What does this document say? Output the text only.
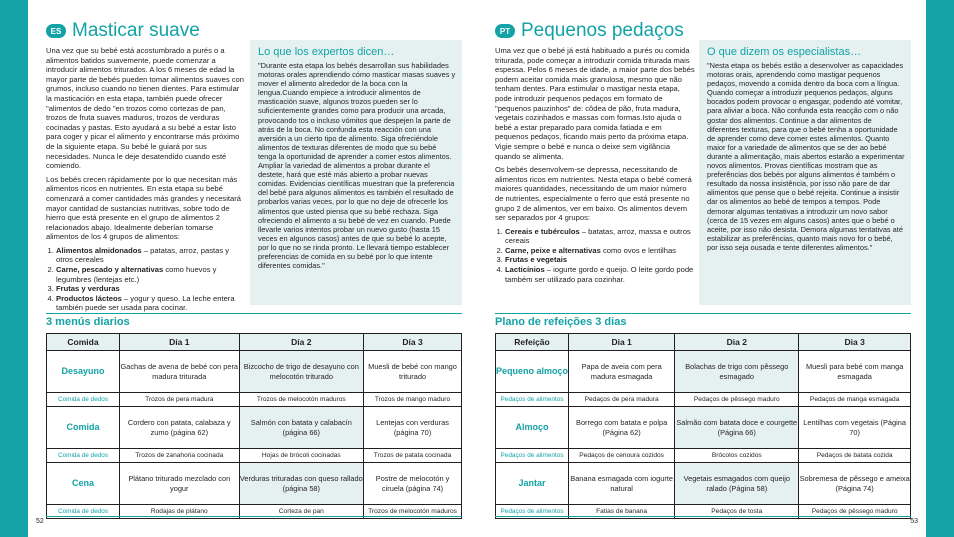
ES Masticar suave

Una vez que su bebé está acostumbrado a purés o a alimentos batidos suavemente, puede comenzar a introducir alimentos triturados. A los 6 meses de edad la mayor parte de bebés pueden tomar alimentos suaves con grumos, incluso cuando no tienen dientes. Para estimular la masticación en esta etapa, también puede ofrecer "alimentos de dedo "en trozos como cortezas de pan, trozos de fruta suaves maduros, trozos de verduras cocinadas y pastas. Esto ayudará a su bebé a estar listo para coger y picar el alimento y encontrarse más próximo de la siguiente etapa. Su bebé le guiará por sus necesidades. Nunca le deje desatendido cuando esté comiendo.

Los bebés crecen rápidamente por lo que necesitan más alimentos ricos en nutrientes. En esta etapa su bebé comenzará a comer cantidades más grandes y necesitará mayor cantidad de sustancias nutritivas, sobre todo de hierro que está presente en el grupo de alimentos 2 relacionados abajo. Idealmente deberían tomarse alimentos de los 4 grupos de alimentos:

1. Alimentos almidonados – patatas, arroz, pastas y otros cereales
2. Carne, pescado y alternativas como huevos y legumbres (lentejas etc.)
3. Frutas y verduras
4. Productos lácteos – yogur y queso. La leche entera también puede ser usada para cocinar.
Lo que los expertos dicen…

"Durante esta etapa los bebés desarrollan sus habilidades motoras orales aprendiendo cómo masticar masas suaves y mover el alimento alrededor de la boca con la lengua.Cuando empiece a introducir alimentos de masticación suave, algunos trozos pueden ser lo suficientemente grandes como para producir una arcada, provocando tos o incluso vómitos que despejen la parte de atrás de la boca. No confunda esta reacción con una aversión a un cierto tipo de alimento. Siga ofreciéndole alimentos de texturas diferentes de modo que su bebé tenga la oportunidad de aprender a comer estos alimentos. Ampliar la variedad de alimentos a probar durante el destete, hará que esté más abierto a probar nuevas comidas. Evidencias científicas muestran que la preferencia del bebé para algunos alimentos es también el resultado de probarlos varias veces, por lo que no deje de ofrecerle los alimentos que usted piensa que su bebé rechaza. Siga ofreciendo el alimento a su bebé de vez en cuando. Puede llevarle varios intentos probar un nuevo gusto (hasta 15 veces en algunos casos) antes de que su bebé lo acepte, por lo que no se rinda pronto. Le llevará tiempo establecer preferencias de comida en su bebé por lo que intente diferentes comidas."

3 menús diarios
Comida	Día 1	Día 2	Día 3
Desayuno	Gachas de avena de bebé con pera madura triturada	Bizcocho de trigo de desayuno con melocotón triturado	Muesli de bebé con mango triturado
Comida de dedos	Trozos de pera madura	Trozos de melocotón maduros	Trozos de mango maduro
Comida	Cordero con patata, calabaza y zumo (página 62)	Salmón con batata y calabacín (página 66)	Lentejas con verduras (página 70)
Comida de dedos	Trozos de zanahoria cocinada	Hojas de brócoli cocinadas	Trozos de patata cocinada
Cena	Plátano triturado mezclado con yogur	Verduras trituradas con queso rallado (página 58)	Postre de melocotón y ciruela (página 74)
Comida de dedos	Rodajas de plátano	Corteza de pan	Trozos de melocotón maduros
52
PT Pequenos pedaços

Uma vez que o bebé já está habituado a purés ou comida triturada, pode começar a introduzir comida triturada mais espessa. Pelos 6 meses de idade, a maior parte dos bebés podem aceitar comida mais granulosa, mesmo que não tenham dentes. Para estimular o mastigar nesta etapa, pode introduzir pequenos pedaços em formato de "pequenos pauzinhos" de: côdea de pão, fruta madura, vegetais cozinhados e massas com formas.Isto ajuda o bebé a estar preparado para comida fatiada e em pequenos pedaços, ficando mais perto da próxima etapa. Vigie sempre o bebé e nunca o deixe sem vigilância quando se alimenta.

Os bebés desenvolvem-se depressa, necessitando de alimentos ricos em nutrientes. Nesta etapa o bebé comerá maiores quantidades, necessitando de um maior número de nutrientes, especialmente o ferro que está presente no grupo 2 de alimentos, ver em baixo. Os alimentos devem ser separados por 4 grupos:

1. Cereais e tubérculos – batatas, arroz, massa e outros cereais
2. Carne, peixe e alternativas como ovos e lentilhas
3. Frutas e vegetais
4. Lacticínios – iogurte gordo e queijo. O leite gordo pode também ser utilizado para cozinhar.
O que dizem os especialistas…

"Nesta etapa os bebés estão a desenvolver as capacidades motoras orais, aprendendo como mastigar pequenos pedaços, movendo a comida dentro da boca com a língua. Quando começar a introduzir pequenos pedaços, alguns bocados podem provocar o engasgar, podendo até vomitar, para aliviar a boca. Não confunda esta reacção com o não gostar dos alimentos. Continue a dar alimentos de diferentes texturas, para que o bebé tenha a oportunidade de aprender como deve comer estes alimentos. Quanto maior for a variedade de alimentos que se der ao bebé durante a alimentação, mais abertos estarão a experimentar novos alimentos. Provas científicas mostram que as preferências dos bebés por alguns alimentos é também o resultado da nossa insistência, por isso não pare de dar alimentos que pense que o bebé rejeita. Continue a insistir dar os alimentos ao bebé de tempos a tempos. Pode demorar algumas tentativas a introduzir um novo sabor (cerca de 15 vezes em alguns casos) antes que o bebé o aceite, por isso não desista. Demora algumas tentativas até estabilizar as preferências, quanto mais novo for o bebé, por isso seja ousada e tente diferentes alimentos."

Plano de refeições 3 dias
Refeição	Dia 1	Dia 2	Dia 3
Pequeno almoço	Papa de aveia com pera madura esmagada	Bolachas de trigo com pêssego esmagado	Muesli para bebé com manga esmagada
Pedaços de alimentos	Pedaços de pera madura	Pedaços de pêssego maduro	Pedaços de manga esmagada
Almoço	Borrego com batata e polpa (Página 62)	Salmão com batata doce e courgette (Página 66)	Lentilhas com vegetais (Página 70)
Pedaços de alimentos	Pedaços de cenoura cozidos	Brócolos cozidos	Pedaços de batata cozida
Jantar	Banana esmagada com iogurte natural	Vegetais esmagados com queijo ralado (Página 58)	Sobremesa de pêssego e ameixa (Página 74)
Pedaços de alimentos	Fatias de banana	Pedaços de tosta	Pedaços de pêssego maduro
53
